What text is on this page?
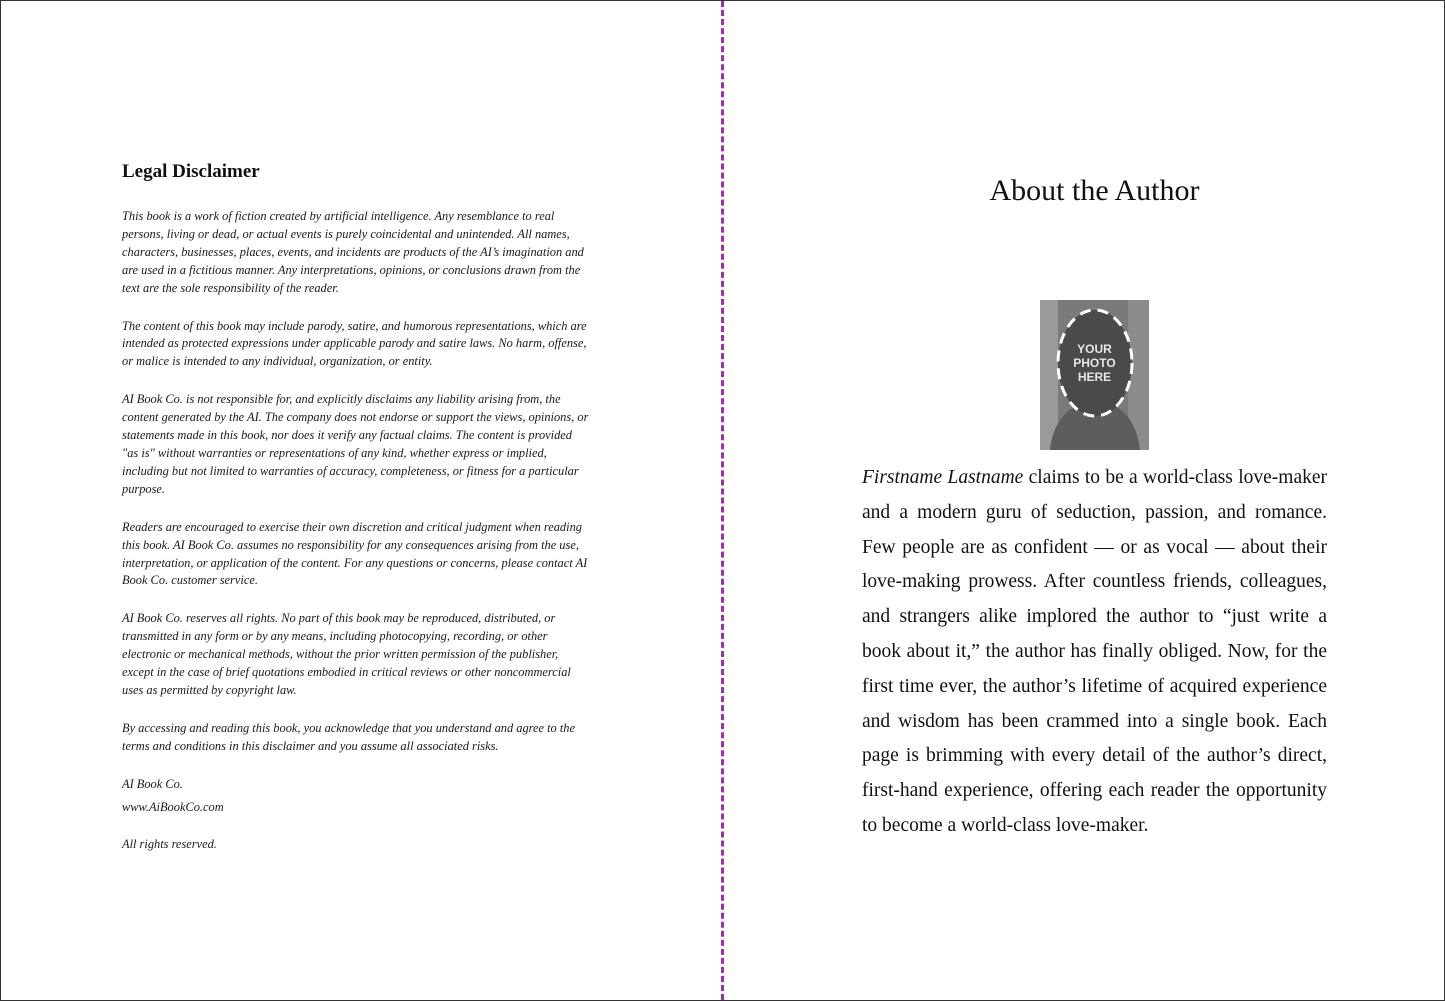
Legal Disclaimer

This book is a work of fiction created by artificial intelligence. Any resemblance to real persons, living or dead, or actual events is purely coincidental and unintended. All names, characters, businesses, places, events, and incidents are products of the AI’s imagination and are used in a fictitious manner. Any interpretations, opinions, or conclusions drawn from the text are the sole responsibility of the reader.

The content of this book may include parody, satire, and humorous representations, which are intended as protected expressions under applicable parody and satire laws. No harm, offense, or malice is intended to any individual, organization, or entity.

AI Book Co. is not responsible for, and explicitly disclaims any liability arising from, the content generated by the AI. The company does not endorse or support the views, opinions, or statements made in this book, nor does it verify any factual claims. The content is provided "as is" without warranties or representations of any kind, whether express or implied, including but not limited to warranties of accuracy, completeness, or fitness for a particular purpose.

Readers are encouraged to exercise their own discretion and critical judgment when reading this book. AI Book Co. assumes no responsibility for any consequences arising from the use, interpretation, or application of the content. For any questions or concerns, please contact AI Book Co. customer service.

AI Book Co. reserves all rights. No part of this book may be reproduced, distributed, or transmitted in any form or by any means, including photocopying, recording, or other electronic or mechanical methods, without the prior written permission of the publisher, except in the case of brief quotations embodied in critical reviews or other noncommercial uses as permitted by copyright law.

By accessing and reading this book, you acknowledge that you understand and agree to the terms and conditions in this disclaimer and you assume all associated risks.

AI Book Co.

www.AiBookCo.com

All rights reserved.

About the Author
YOUR
PHOTO
HERE

Firstname Lastname claims to be a world-class love-maker and a modern guru of seduction, passion, and romance. Few people are as confident — or as vocal — about their love-making prowess. After countless friends, colleagues, and strangers alike implored the author to “just write a book about it,” the author has finally obliged. Now, for the first time ever, the author’s lifetime of acquired experience and wisdom has been crammed into a single book. Each page is brimming with every detail of the author’s direct, first-hand experience, offering each reader the opportunity to become a world-class love-maker.
